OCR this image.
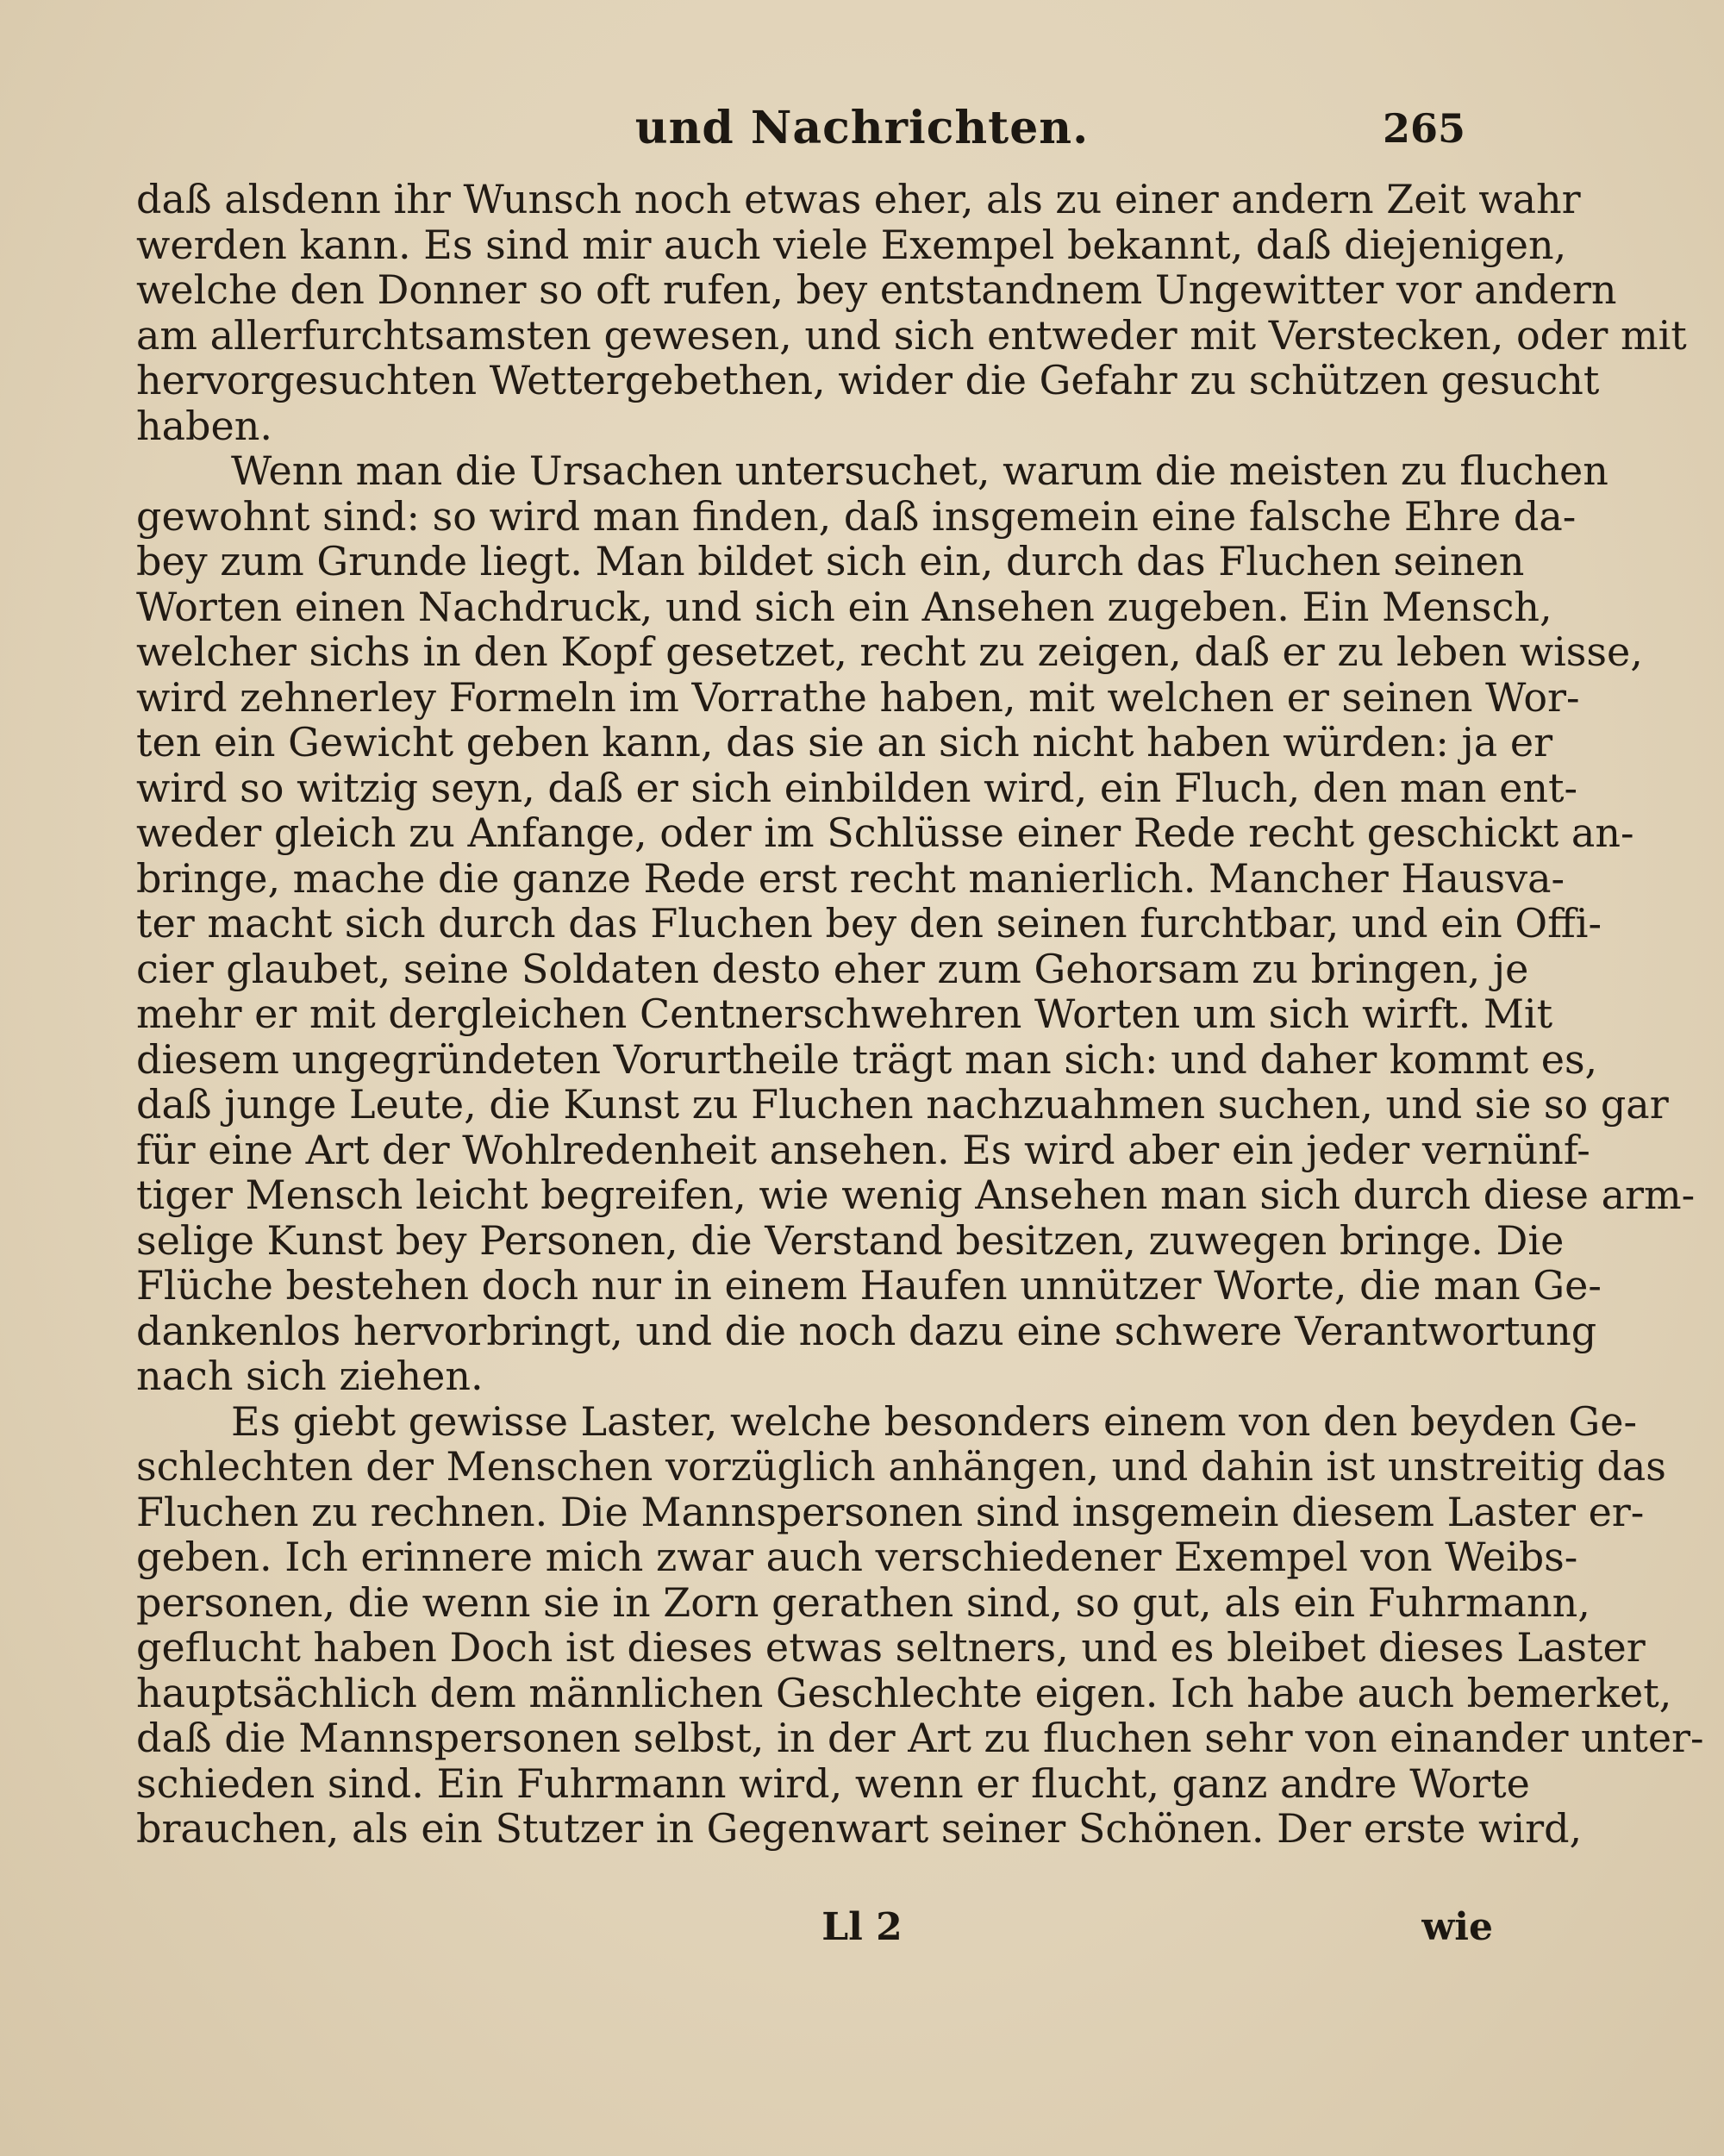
und Nachrichten.	265
daß alsdenn ihr Wunsch noch etwas eher, als zu einer andern Zeit wahr
werden kann. Es sind mir auch viele Exempel bekannt, daß diejenigen,
welche den Donner so oft rufen, bey entstandnem Ungewitter vor andern
am allerfurchtsamsten gewesen, und sich entweder mit Verstecken, oder mit
hervorgesuchten Wettergebethen, wider die Gefahr zu schützen gesucht
haben.
Wenn man die Ursachen untersuchet, warum die meisten zu fluchen
gewohnt sind: so wird man finden, daß insgemein eine falsche Ehre da-
bey zum Grunde liegt. Man bildet sich ein, durch das Fluchen seinen
Worten einen Nachdruck, und sich ein Ansehen zugeben. Ein Mensch,
welcher sichs in den Kopf gesetzet, recht zu zeigen, daß er zu leben wisse,
wird zehnerley Formeln im Vorrathe haben, mit welchen er seinen Wor-
ten ein Gewicht geben kann, das sie an sich nicht haben würden: ja er
wird so witzig seyn, daß er sich einbilden wird, ein Fluch, den man ent-
weder gleich zu Anfange, oder im Schlüsse einer Rede recht geschickt an-
bringe, mache die ganze Rede erst recht manierlich. Mancher Hausva-
ter macht sich durch das Fluchen bey den seinen furchtbar, und ein Offi-
cier glaubet, seine Soldaten desto eher zum Gehorsam zu bringen, je
mehr er mit dergleichen Centnerschwehren Worten um sich wirft. Mit
diesem ungegründeten Vorurtheile trägt man sich: und daher kommt es,
daß junge Leute, die Kunst zu Fluchen nachzuahmen suchen, und sie so gar
für eine Art der Wohlredenheit ansehen. Es wird aber ein jeder vernünf-
tiger Mensch leicht begreifen, wie wenig Ansehen man sich durch diese arm-
selige Kunst bey Personen, die Verstand besitzen, zuwegen bringe. Die
Flüche bestehen doch nur in einem Haufen unnützer Worte, die man Ge-
dankenlos hervorbringt, und die noch dazu eine schwere Verantwortung
nach sich ziehen.
Es giebt gewisse Laster, welche besonders einem von den beyden Ge-
schlechten der Menschen vorzüglich anhängen, und dahin ist unstreitig das
Fluchen zu rechnen. Die Mannspersonen sind insgemein diesem Laster er-
geben. Ich erinnere mich zwar auch verschiedener Exempel von Weibs-
personen, die wenn sie in Zorn gerathen sind, so gut, als ein Fuhrmann,
geflucht haben Doch ist dieses etwas seltners, und es bleibet dieses Laster
hauptsächlich dem männlichen Geschlechte eigen. Ich habe auch bemerket,
daß die Mannspersonen selbst, in der Art zu fluchen sehr von einander unter-
schieden sind. Ein Fuhrmann wird, wenn er flucht, ganz andre Worte
brauchen, als ein Stutzer in Gegenwart seiner Schönen. Der erste wird,
Ll 2	wie
